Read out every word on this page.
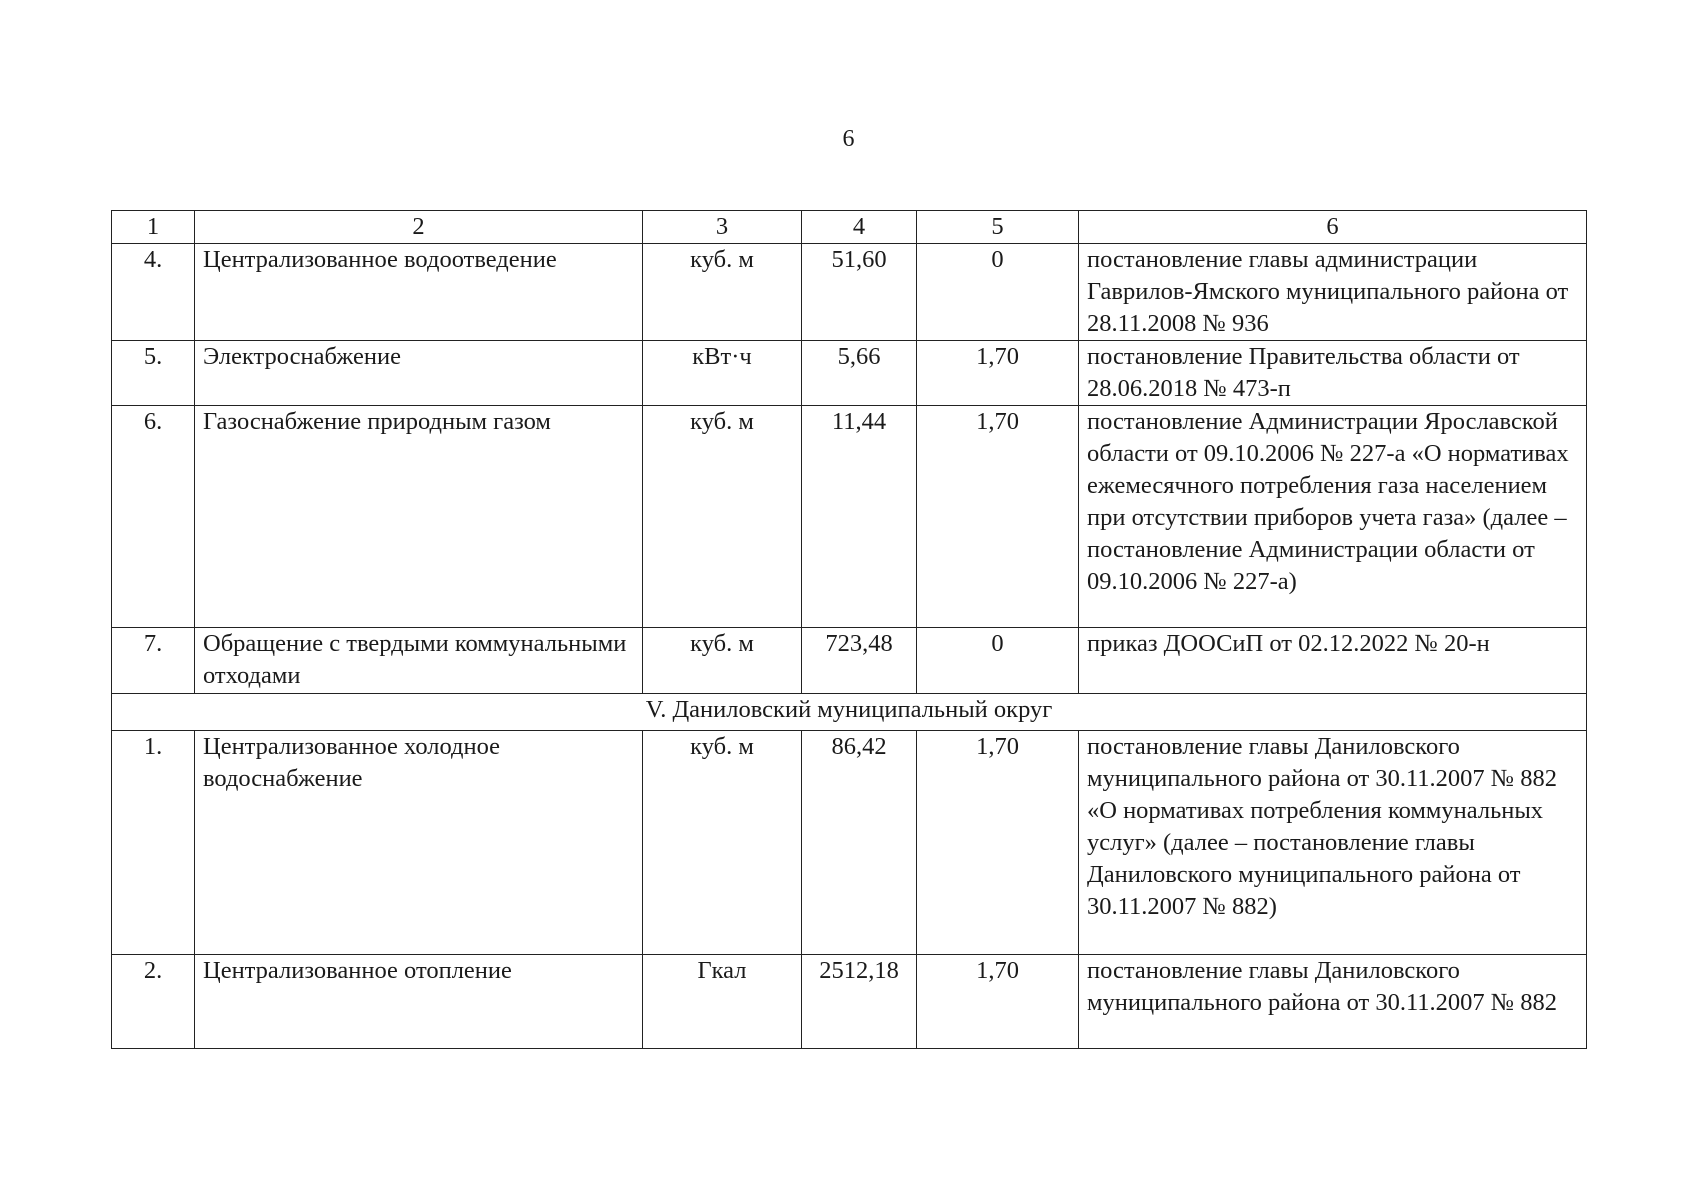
6
1	2	3	4	5	6
4.	Централизованное водоотведение	куб. м	51,60	0	постановление главы администрации Гаврилов-Ямского муниципального района от 28.11.2008 № 936
5.	Электроснабжение	кВт·ч	5,66	1,70	постановление Правительства области от 28.06.2018 № 473-п
6.	Газоснабжение природным газом	куб. м	11,44	1,70	постановление Администрации Ярославской области от 09.10.2006 № 227-а «О нормативах ежемесячного потребления газа населением при отсутствии приборов учета газа» (далее – постановление Администрации области от 09.10.2006 № 227-а)
7.	Обращение с твердыми коммунальными отходами	куб. м	723,48	0	приказ ДООСиП от 02.12.2022 № 20-н
V. Даниловский муниципальный округ					
1.	Централизованное холодное водоснабжение	куб. м	86,42	1,70	постановление главы Даниловского муниципального района от 30.11.2007 № 882 «О нормативах потребления коммунальных услуг» (далее – постановление главы Даниловского муниципального района от 30.11.2007 № 882)
2.	Централизованное отопление	Гкал	2512,18	1,70	постановление главы Даниловского муниципального района от 30.11.2007 № 882
